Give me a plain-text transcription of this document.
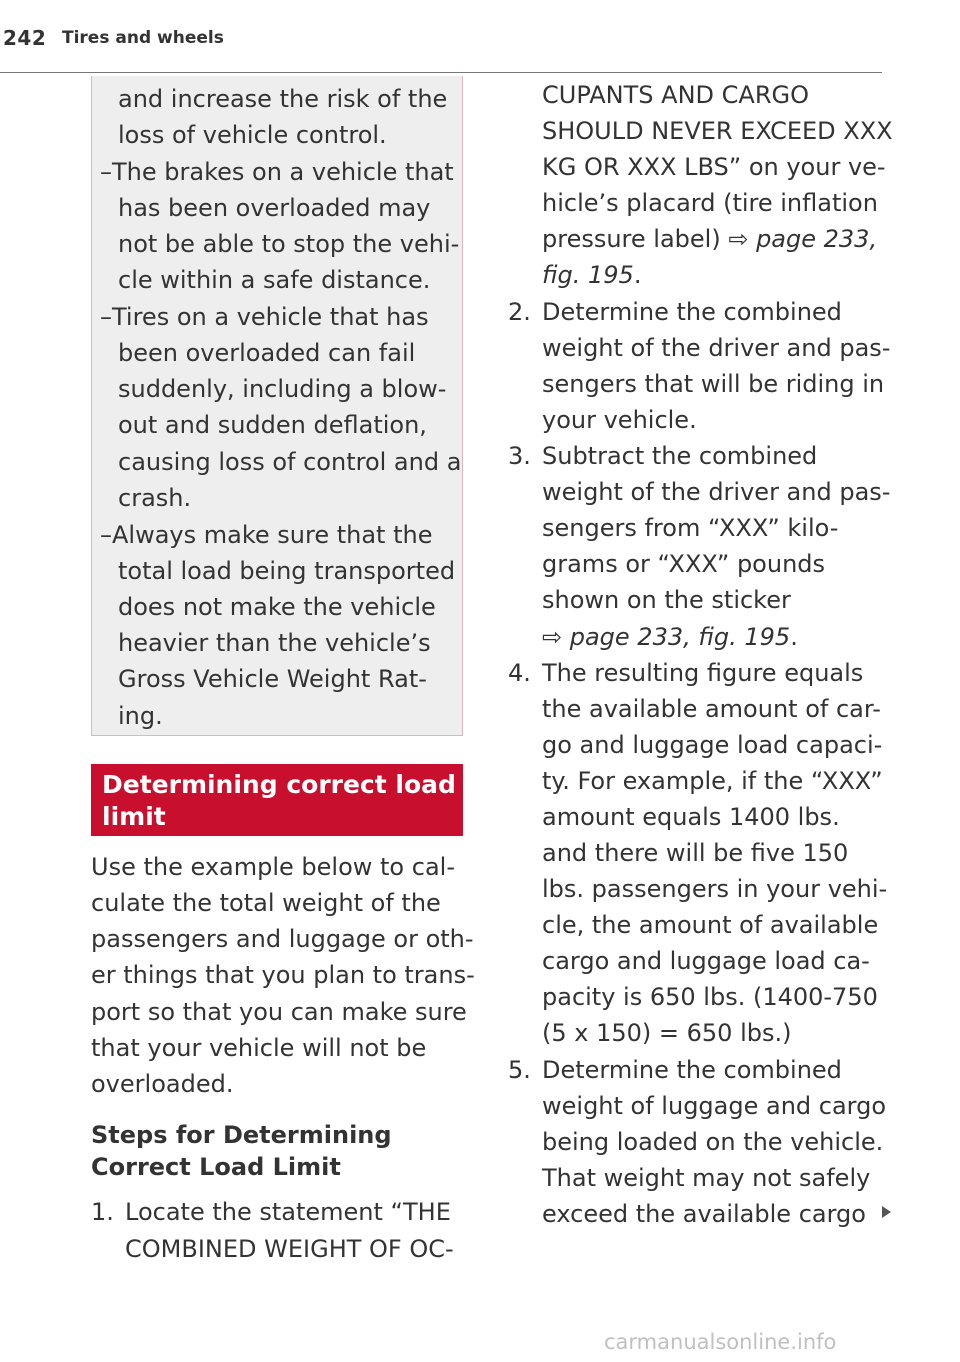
242 Tires and wheels
and increase the risk of the
loss of vehicle control.
–The brakes on a vehicle that
has been overloaded may
not be able to stop the vehi-
cle within a safe distance.
–Tires on a vehicle that has
been overloaded can fail
suddenly, including a blow-
out and sudden deflation,
causing loss of control and a
crash.
–Always make sure that the
total load being transported
does not make the vehicle
heavier than the vehicle’s
Gross Vehicle Weight Rat-
ing.
Determining correct load
limit
Use the example below to cal-
culate the total weight of the
passengers and luggage or oth-
er things that you plan to trans-
port so that you can make sure
that your vehicle will not be
overloaded.
Steps for Determining
Correct Load Limit
1. Locate the statement “THE
COMBINED WEIGHT OF OC-
CUPANTS AND CARGO
SHOULD NEVER EXCEED XXX
KG OR XXX LBS” on your ve-
hicle’s placard (tire inflation
pressure label) ⇨ page 233,
fig. 195.
2. Determine the combined
weight of the driver and pas-
sengers that will be riding in
your vehicle.
3. Subtract the combined
weight of the driver and pas-
sengers from “XXX” kilo-
grams or “XXX” pounds
shown on the sticker
⇨ page 233, fig. 195.
4. The resulting figure equals
the available amount of car-
go and luggage load capaci-
ty. For example, if the “XXX”
amount equals 1400 lbs.
and there will be five 150
lbs. passengers in your vehi-
cle, the amount of available
cargo and luggage load ca-
pacity is 650 lbs. (1400-750
(5 x 150) = 650 lbs.)
5. Determine the combined
weight of luggage and cargo
being loaded on the vehicle.
That weight may not safely
exceed the available cargo
carmanualsonline.info
